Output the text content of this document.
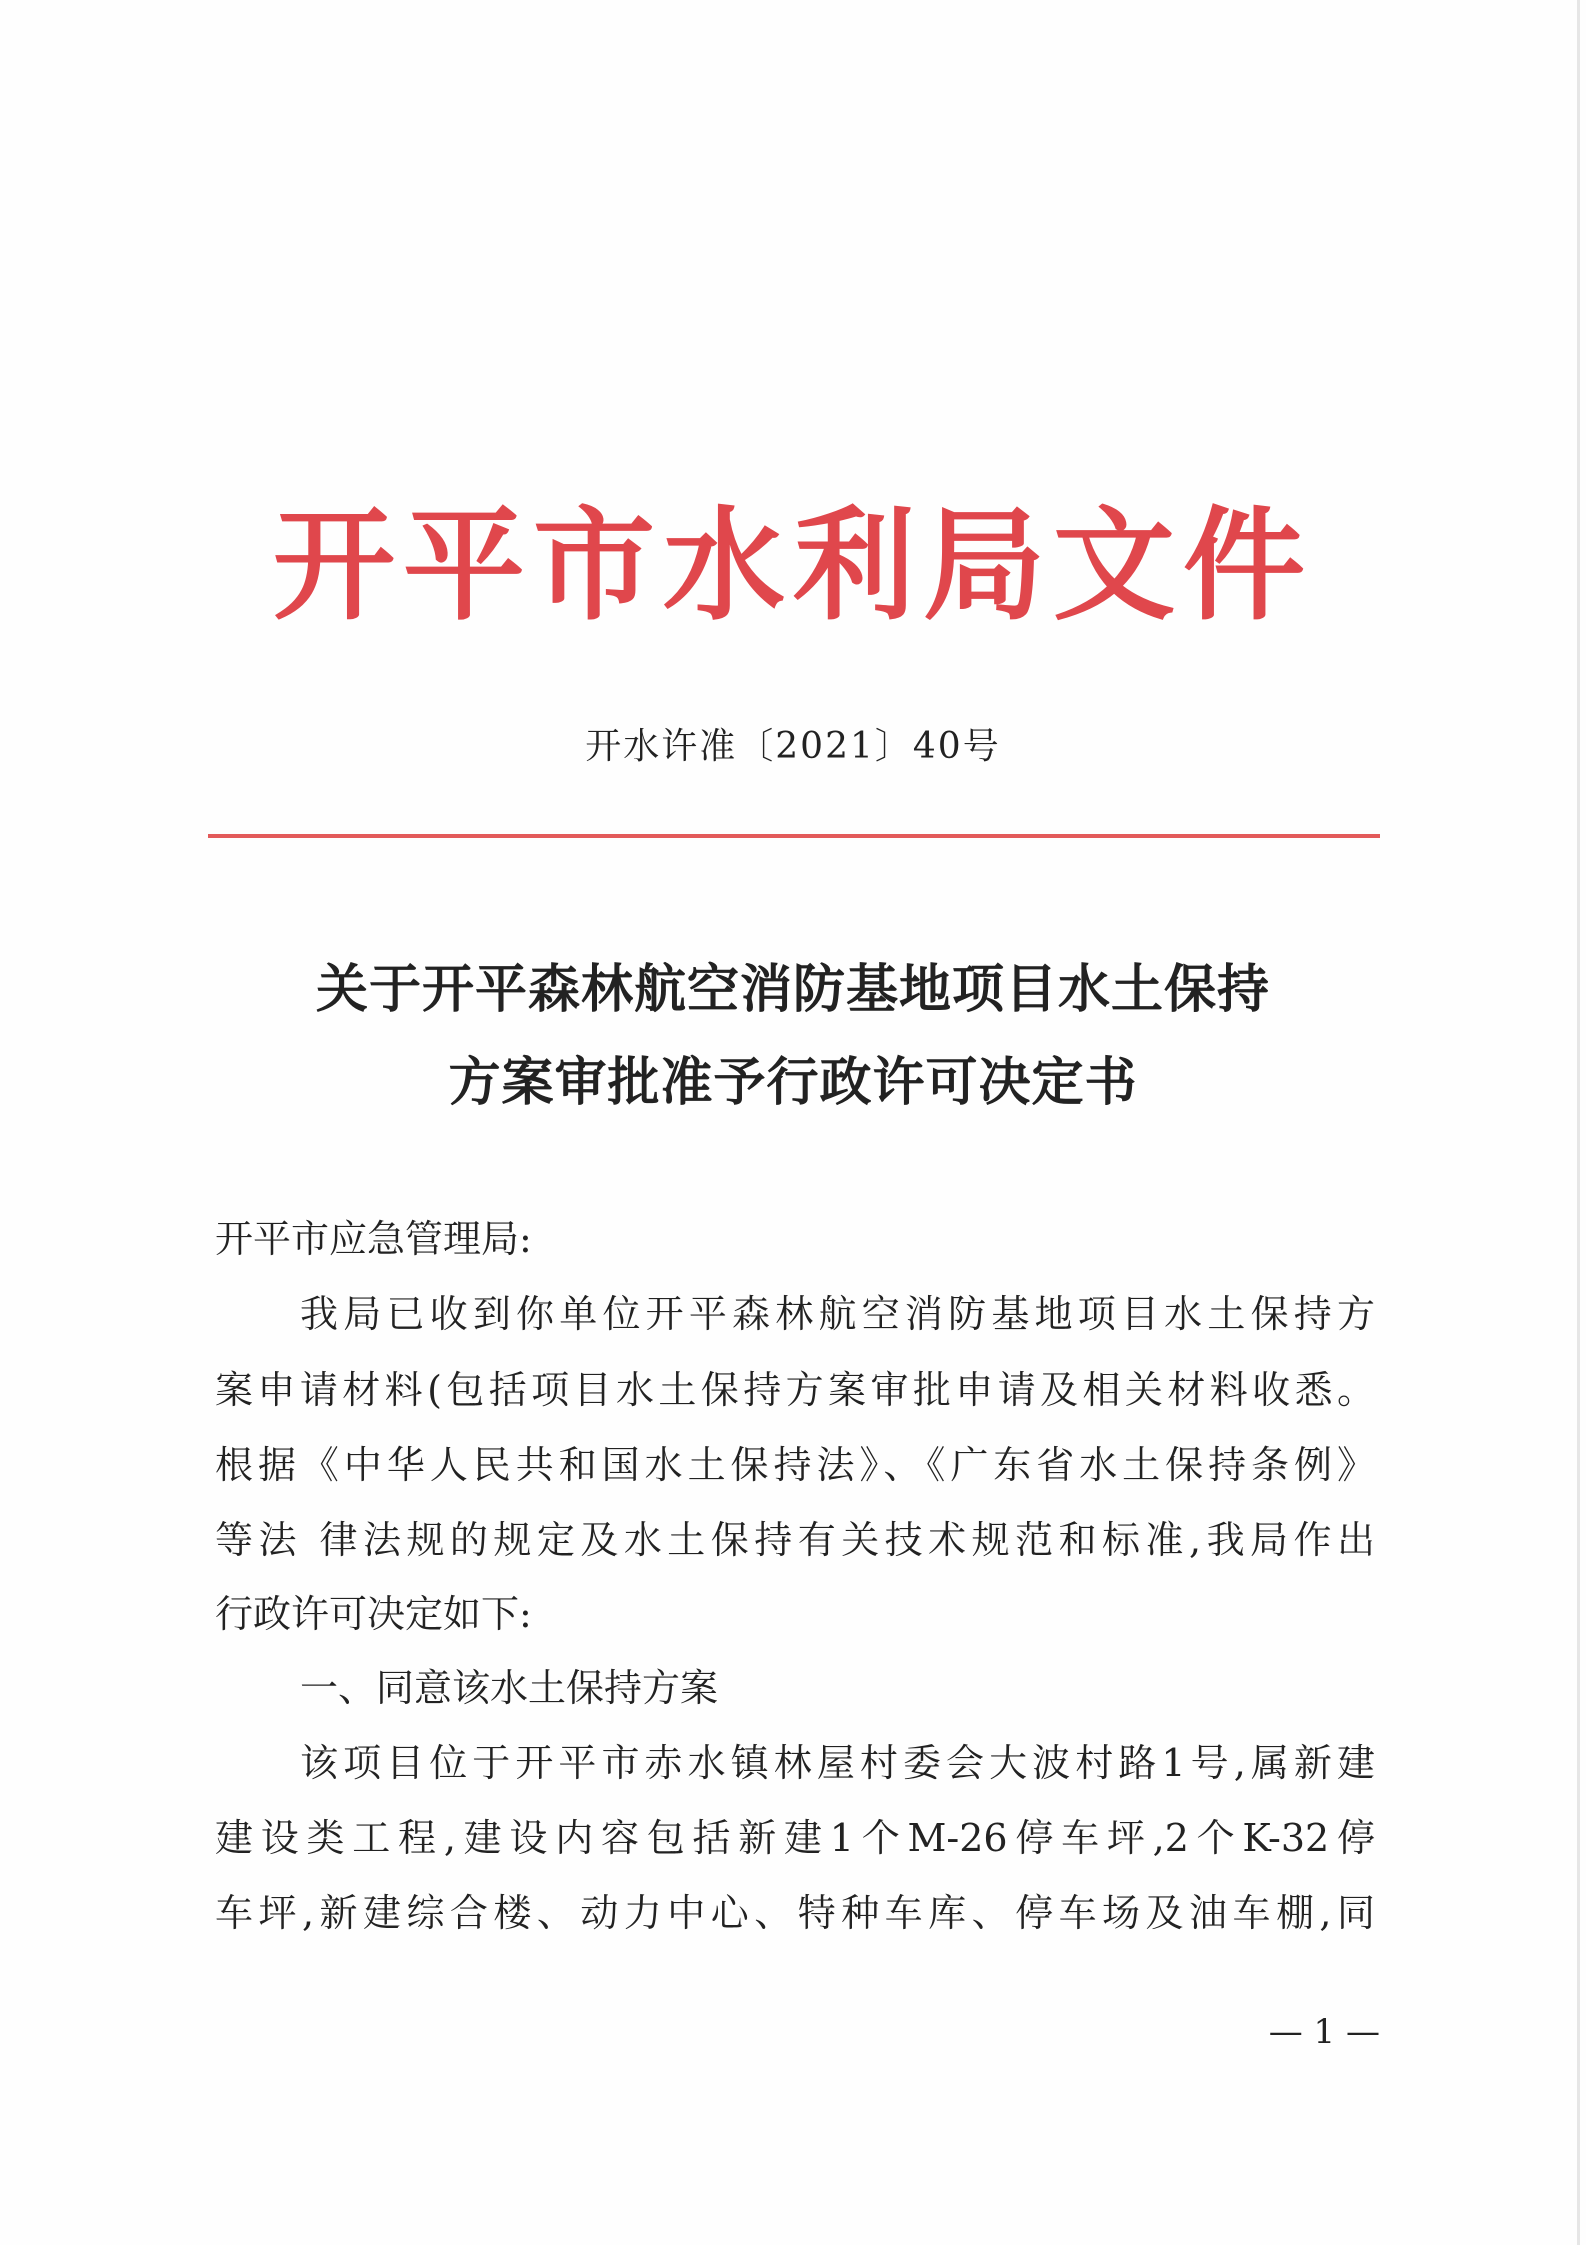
开平市水利局文件
开水许准〔2021〕40号
关于开平森林航空消防基地项目水土保持
方案审批准予行政许可决定书
开平市应急管理局:
我局已收到你单位开平森林航空消防基地项目水土保持方
案申请材料(包括项目水土保持方案审批申请及相关材料收悉。
根据《中华人民共和国水土保持法》、《广东省水土保持条例》
等法 律法规的规定及水土保持有关技术规范和标准,我局作出
行政许可决定如下:
一、同意该水土保持方案
该项目位于开平市赤水镇林屋村委会大波村路1号,属新建
建设类工程,建设内容包括新建1个M-26停车坪,2个K-32停
车坪,新建综合楼、动力中心、特种车库、停车场及油车棚,同
— 1 —
